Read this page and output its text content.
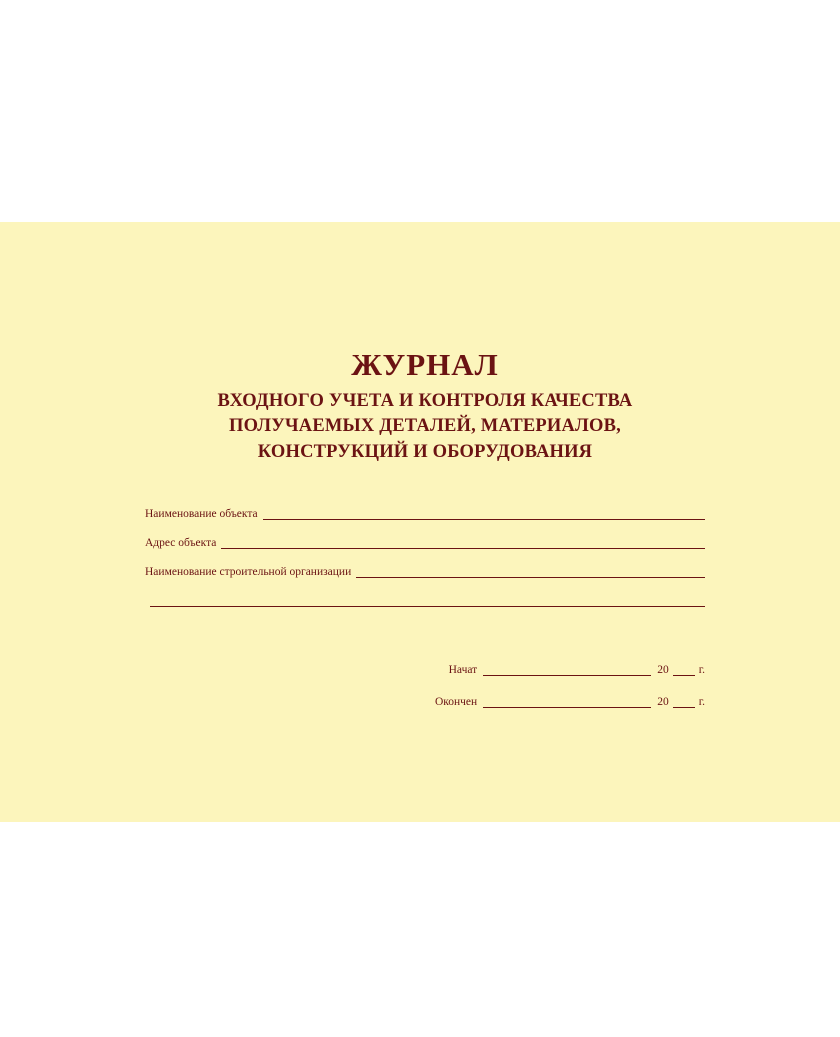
ЖУРНАЛ
ВХОДНОГО УЧЕТА И КОНТРОЛЯ КАЧЕСТВА
ПОЛУЧАЕМЫХ ДЕТАЛЕЙ, МАТЕРИАЛОВ,
КОНСТРУКЦИЙ И ОБОРУДОВАНИЯ
Наименование объекта
Адрес объекта
Наименование строительной организации
Начат	20	г.
Окончен	20	г.
